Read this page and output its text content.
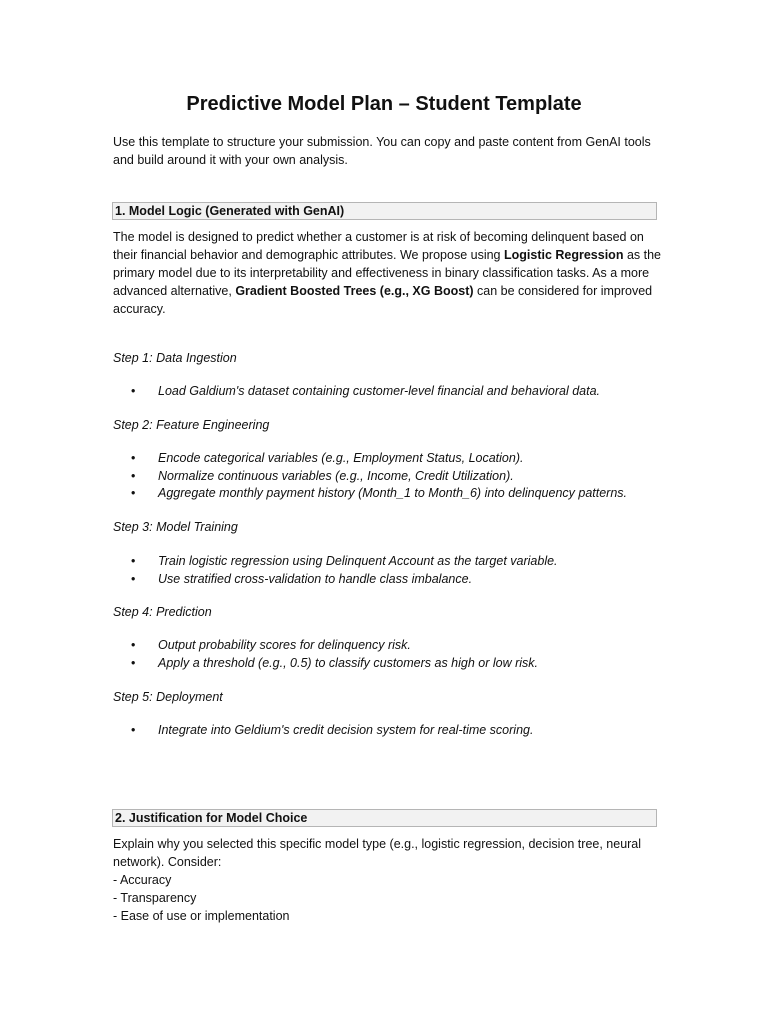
Predictive Model Plan – Student Template
Use this template to structure your submission. You can copy and paste content from GenAI tools and build around it with your own analysis.
1. Model Logic (Generated with GenAI)
The model is designed to predict whether a customer is at risk of becoming delinquent based on their financial behavior and demographic attributes. We propose using Logistic Regression as the primary model due to its interpretability and effectiveness in binary classification tasks. As a more advanced alternative, Gradient Boosted Trees (e.g., XG Boost) can be considered for improved accuracy.
Step 1: Data Ingestion
• Load Galdium's dataset containing customer-level financial and behavioral data.
Step 2: Feature Engineering
• Encode categorical variables (e.g., Employment Status, Location).
• Normalize continuous variables (e.g., Income, Credit Utilization).
• Aggregate monthly payment history (Month_1 to Month_6) into delinquency patterns.
Step 3: Model Training
• Train logistic regression using Delinquent Account as the target variable.
• Use stratified cross-validation to handle class imbalance.
Step 4: Prediction
• Output probability scores for delinquency risk.
• Apply a threshold (e.g., 0.5) to classify customers as high or low risk.
Step 5: Deployment
• Integrate into Geldium's credit decision system for real-time scoring.
2. Justification for Model Choice
Explain why you selected this specific model type (e.g., logistic regression, decision tree, neural network). Consider:
- Accuracy
- Transparency
- Ease of use or implementation
